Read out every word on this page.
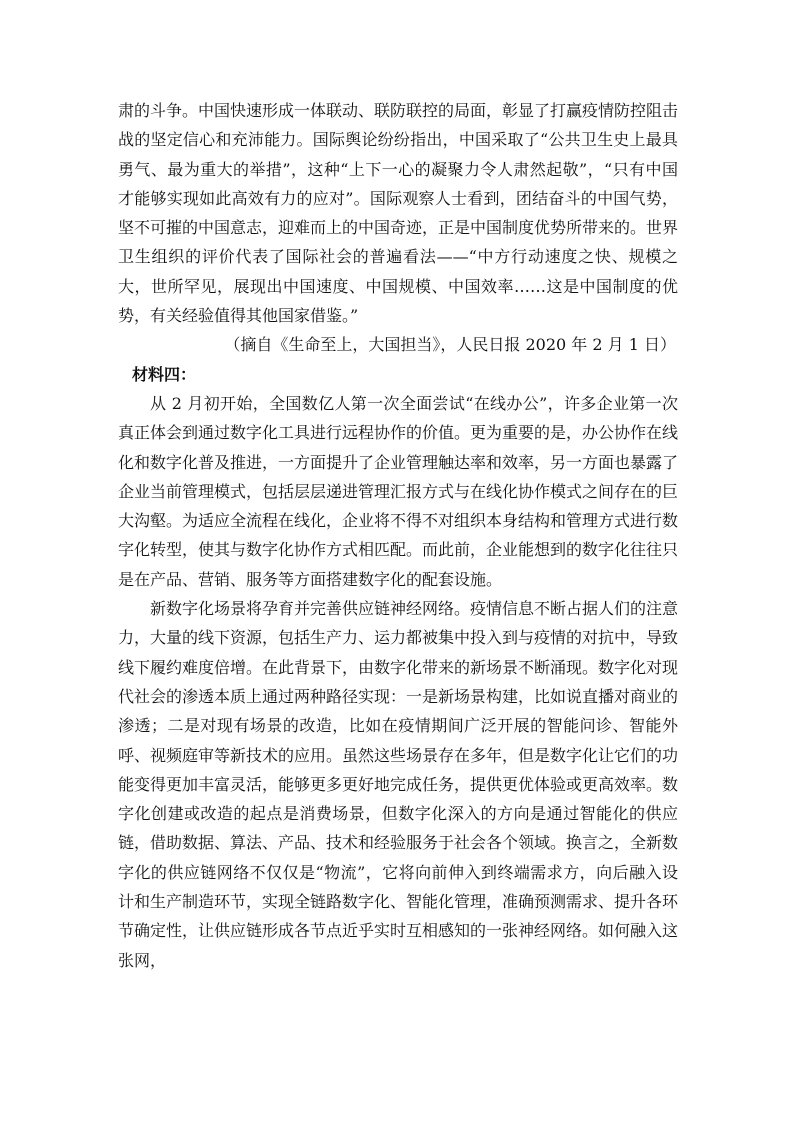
肃的斗争。中国快速形成一体联动、联防联控的局面，彰显了打赢疫情防控阻击战的坚定信心和充沛能力。国际舆论纷纷指出，中国采取了“公共卫生史上最具勇气、最为重大的举措”，这种“上下一心的凝聚力令人肃然起敬”，“只有中国才能够实现如此高效有力的应对”。国际观察人士看到，团结奋斗的中国气势，坚不可摧的中国意志，迎难而上的中国奇迹，正是中国制度优势所带来的。世界卫生组织的评价代表了国际社会的普遍看法——“中方行动速度之快、规模之大，世所罕见，展现出中国速度、中国规模、中国效率……这是中国制度的优势，有关经验值得其他国家借鉴。”

（摘自《生命至上，大国担当》，人民日报 2020 年 2 月 1 日）

材料四：

从 2 月初开始，全国数亿人第一次全面尝试“在线办公”，许多企业第一次真正体会到通过数字化工具进行远程协作的价值。更为重要的是，办公协作在线化和数字化普及推进，一方面提升了企业管理触达率和效率，另一方面也暴露了企业当前管理模式，包括层层递进管理汇报方式与在线化协作模式之间存在的巨大沟壑。为适应全流程在线化，企业将不得不对组织本身结构和管理方式进行数字化转型，使其与数字化协作方式相匹配。而此前，企业能想到的数字化往往只是在产品、营销、服务等方面搭建数字化的配套设施。

新数字化场景将孕育并完善供应链神经网络。疫情信息不断占据人们的注意力，大量的线下资源，包括生产力、运力都被集中投入到与疫情的对抗中，导致线下履约难度倍增。在此背景下，由数字化带来的新场景不断涌现。数字化对现代社会的渗透本质上通过两种路径实现：一是新场景构建，比如说直播对商业的渗透；二是对现有场景的改造，比如在疫情期间广泛开展的智能问诊、智能外呼、视频庭审等新技术的应用。虽然这些场景存在多年，但是数字化让它们的功能变得更加丰富灵活，能够更多更好地完成任务，提供更优体验或更高效率。数字化创建或改造的起点是消费场景，但数字化深入的方向是通过智能化的供应链，借助数据、算法、产品、技术和经验服务于社会各个领域。换言之，全新数字化的供应链网络不仅仅是“物流”，它将向前伸入到终端需求方，向后融入设计和生产制造环节，实现全链路数字化、智能化管理，准确预测需求、提升各环节确定性，让供应链形成各节点近乎实时互相感知的一张神经网络。如何融入这张网，
